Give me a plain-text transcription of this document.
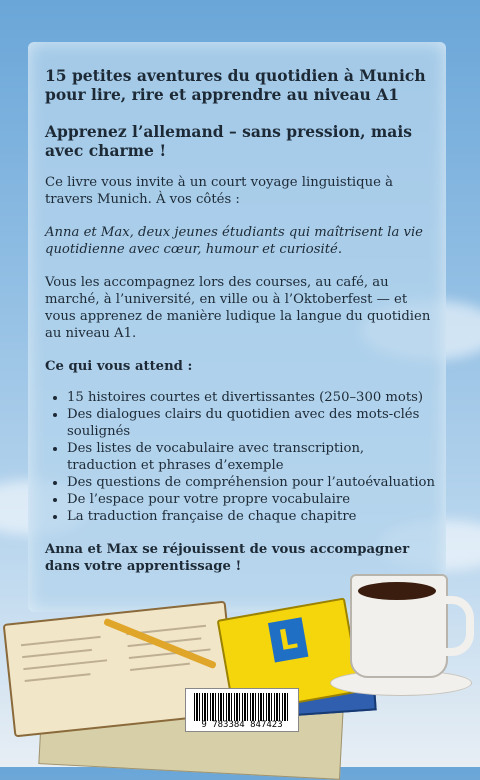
15 petites aventures du quotidien à Munich pour lire, rire et apprendre au niveau A1
Apprenez l’allemand – sans pression, mais avec charme !

Ce livre vous invite à un court voyage linguistique à travers Munich. À vos côtés :

Anna et Max, deux jeunes étudiants qui maîtrisent la vie quotidienne avec cœur, humour et curiosité.

Vous les accompagnez lors des courses, au café, au marché, à l’université, en ville ou à l’Oktoberfest — et vous apprenez de manière ludique la langue du quotidien au niveau A1.

Ce qui vous attend :
• 15 histoires courtes et divertissantes (250–300 mots)
• Des dialogues clairs du quotidien avec des mots-clés soulignés
• Des listes de vocabulaire avec transcription, traduction et phrases d’exemple
• Des questions de compréhension pour l’autoévaluation
• De l’espace pour votre propre vocabulaire
• La traduction française de chaque chapitre
Anna et Max se réjouissent de vous accompagner dans votre apprentissage !
L
9 783384 847423
